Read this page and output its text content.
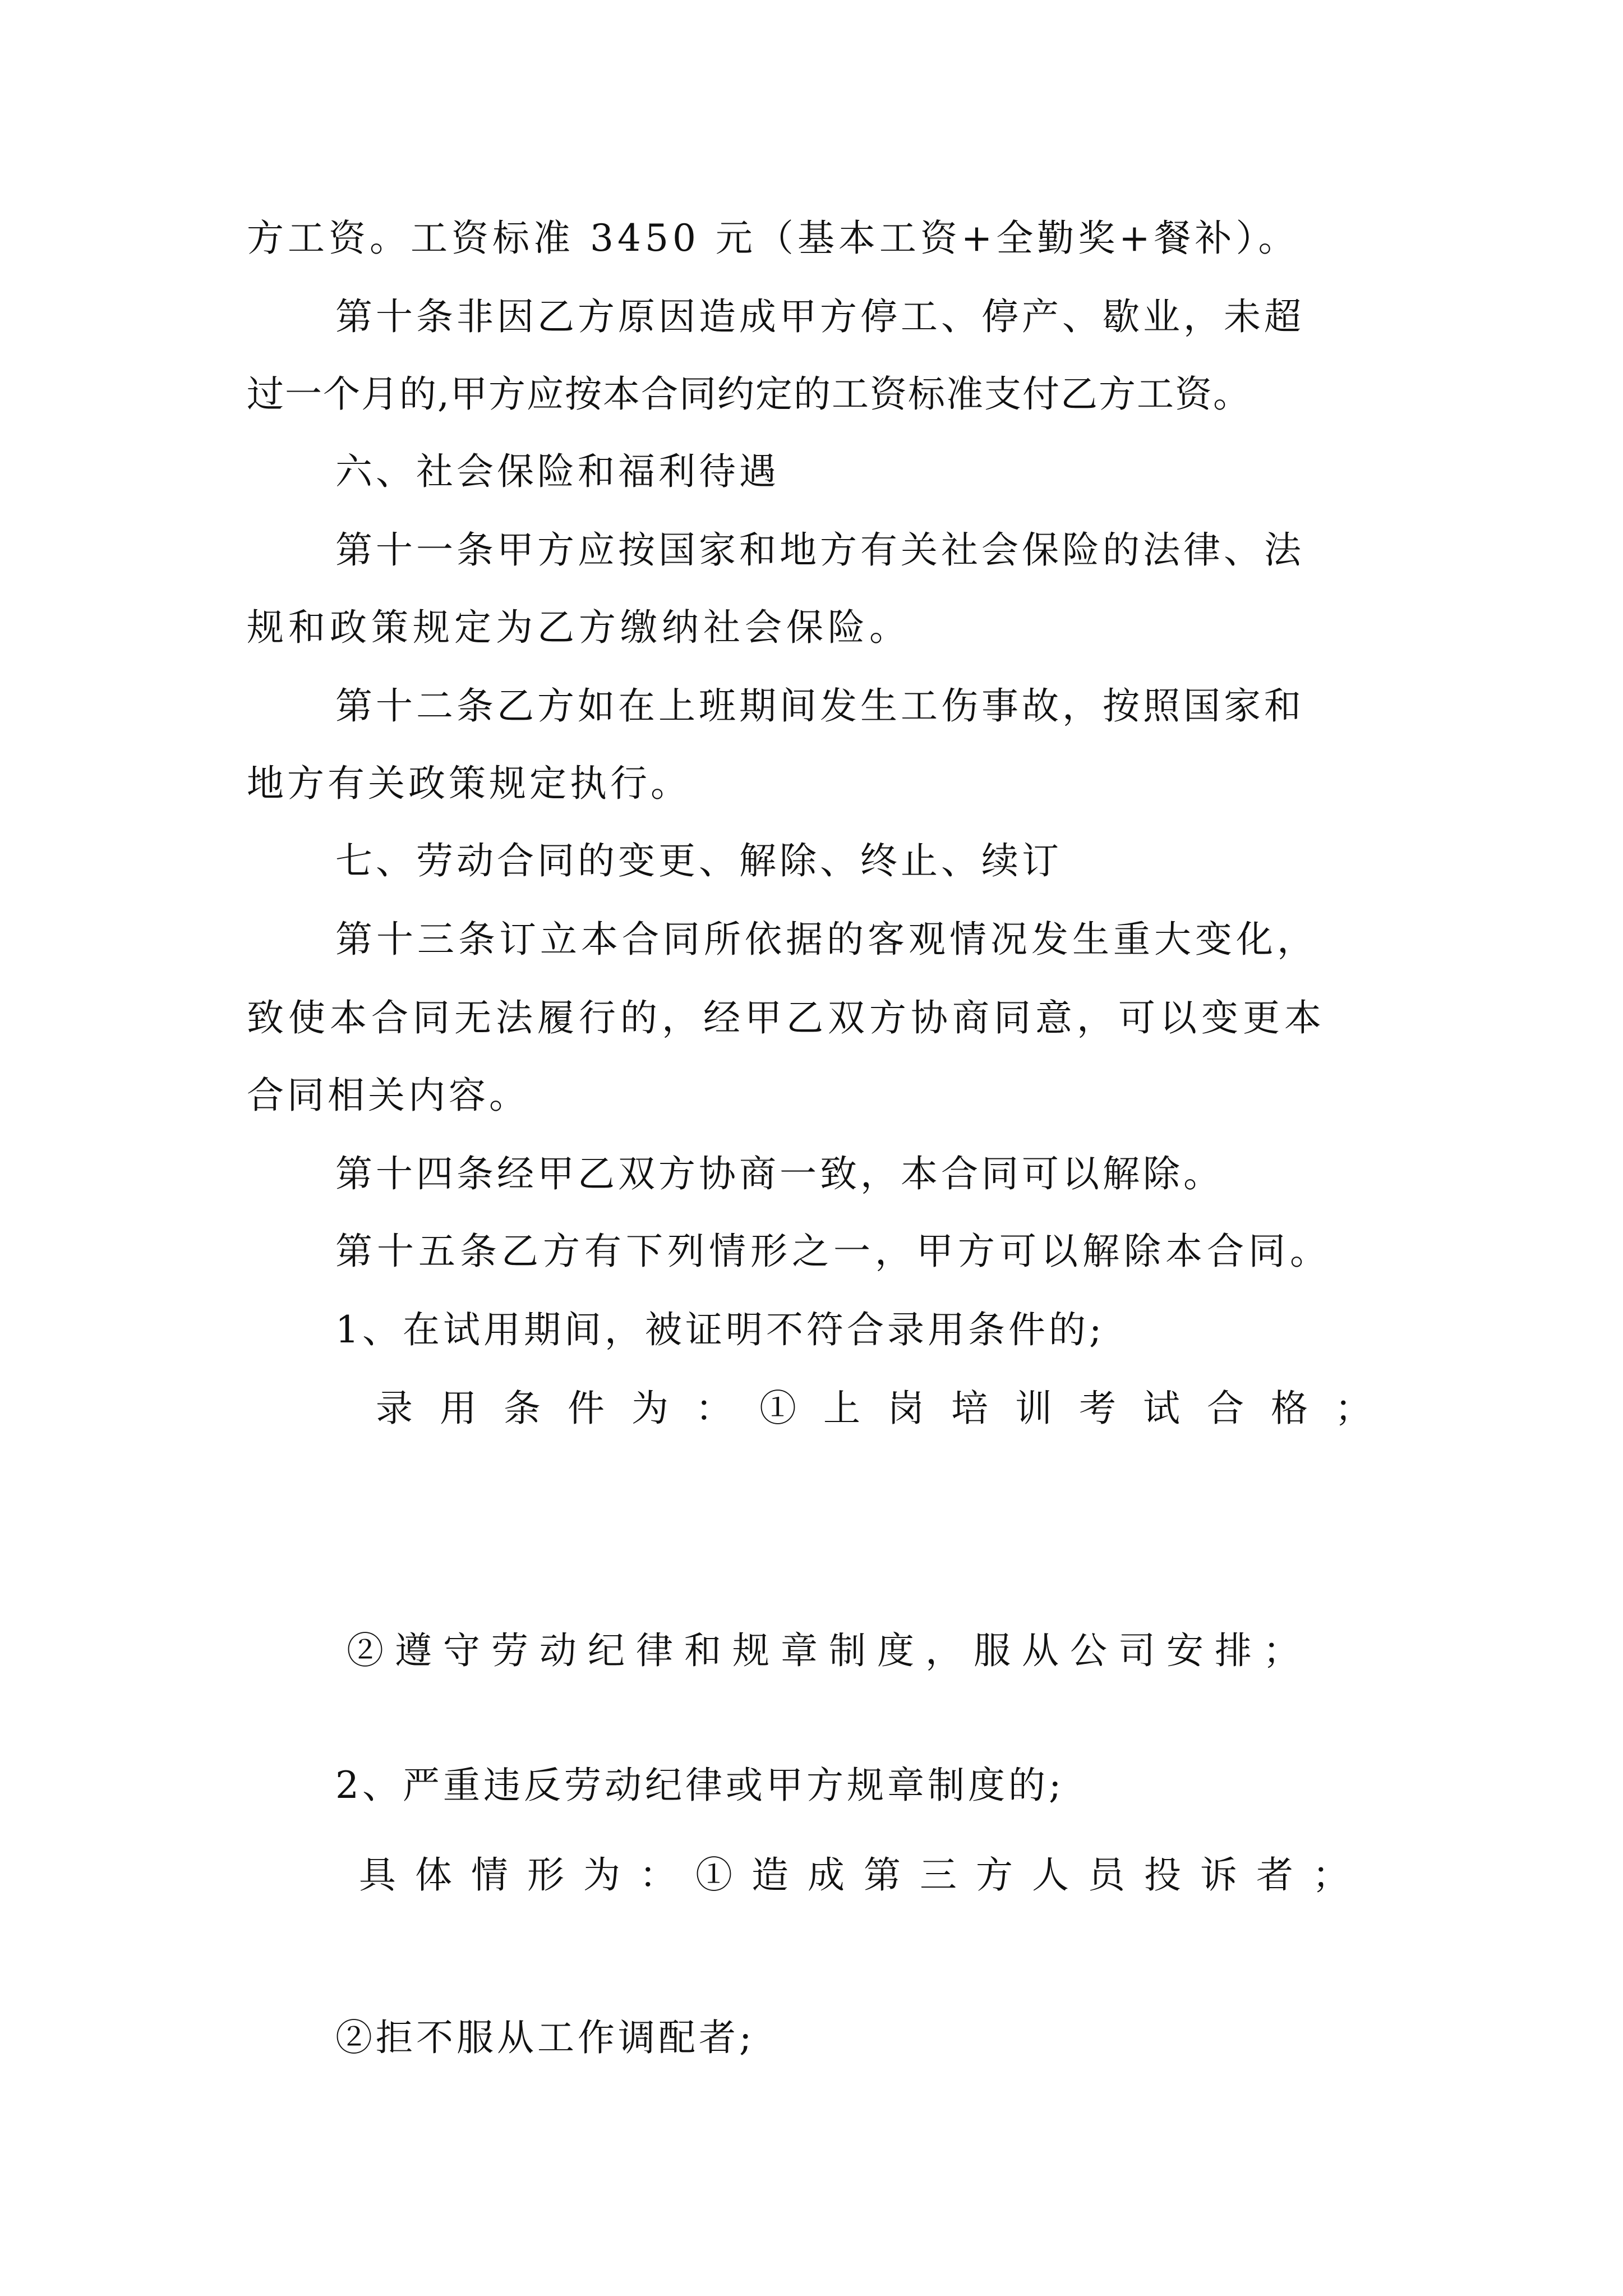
方工资。工资标准 3450 元（基本工资+全勤奖+餐补）。

第十条非因乙方原因造成甲方停工、停产、歇业，未超

过一个月的,甲方应按本合同约定的工资标准支付乙方工资。

六、社会保险和福利待遇

第十一条甲方应按国家和地方有关社会保险的法律、法

规和政策规定为乙方缴纳社会保险。

第十二条乙方如在上班期间发生工伤事故，按照国家和

地方有关政策规定执行。

七、劳动合同的变更、解除、终止、续订

第十三条订立本合同所依据的客观情况发生重大变化，

致使本合同无法履行的，经甲乙双方协商同意，可以变更本

合同相关内容。

第十四条经甲乙双方协商一致，本合同可以解除。

第十五条乙方有下列情形之一，甲方可以解除本合同。

1、在试用期间，被证明不符合录用条件的;

录用条件为：①上岗培训考试合格；

②遵守劳动纪律和规章制度，服从公司安排；

2、严重违反劳动纪律或甲方规章制度的;

具体情形为：①造成第三方人员投诉者；

②拒不服从工作调配者;
